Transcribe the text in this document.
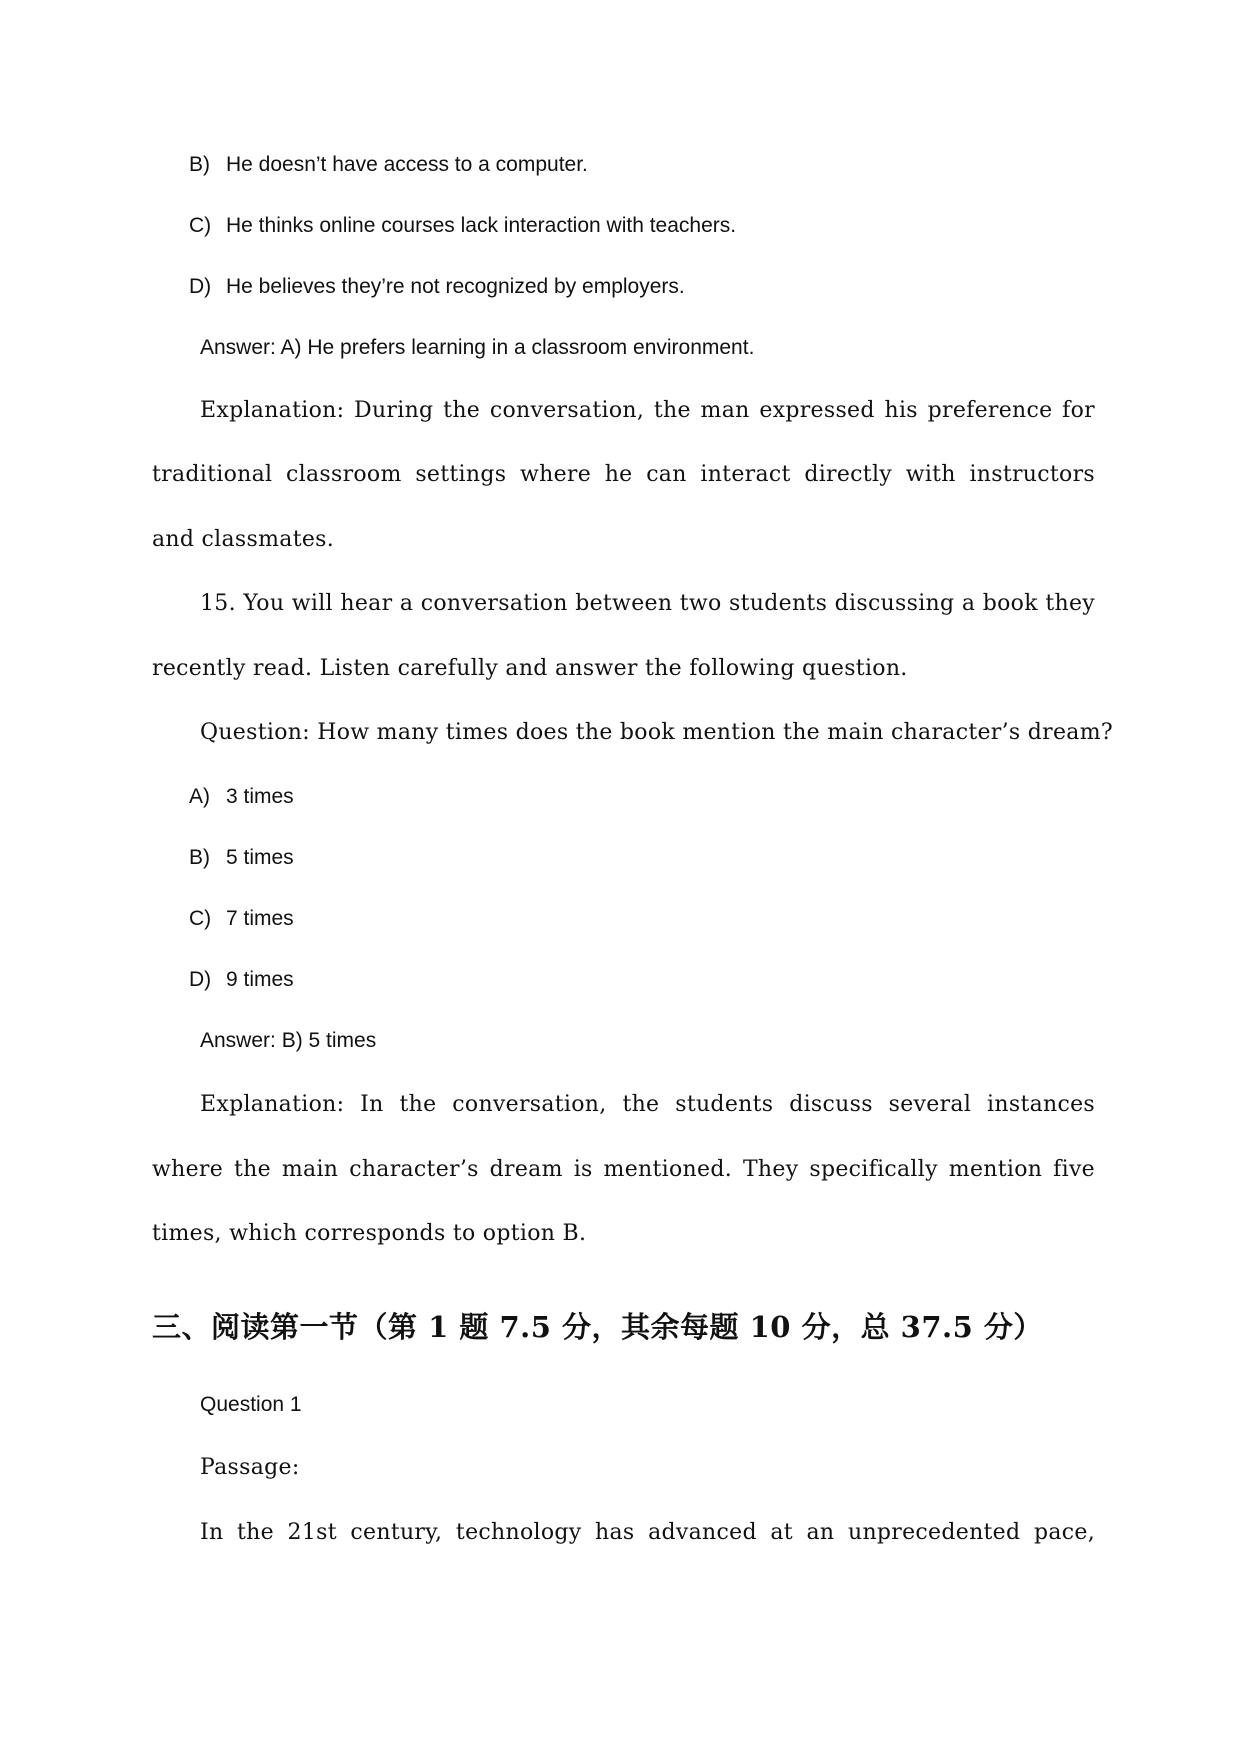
B) He doesn’t have access to a computer.
C) He thinks online courses lack interaction with teachers.
D) He believes they’re not recognized by employers.
Answer: A) He prefers learning in a classroom environment.
Explanation: During the conversation, the man expressed his preference for
traditional classroom settings where he can interact directly with instructors
and classmates.
15. You will hear a conversation between two students discussing a book they
recently read. Listen carefully and answer the following question.
Question: How many times does the book mention the main character’s dream?
A) 3 times
B) 5 times
C) 7 times
D) 9 times
Answer: B) 5 times
Explanation: In the conversation, the students discuss several instances
where the main character’s dream is mentioned. They specifically mention five
times, which corresponds to option B.
三、阅读第一节（第 1 题 7.5 分，其余每题 10 分，总 37.5 分）
Question 1
Passage:
In the 21st century, technology has advanced at an unprecedented pace,
